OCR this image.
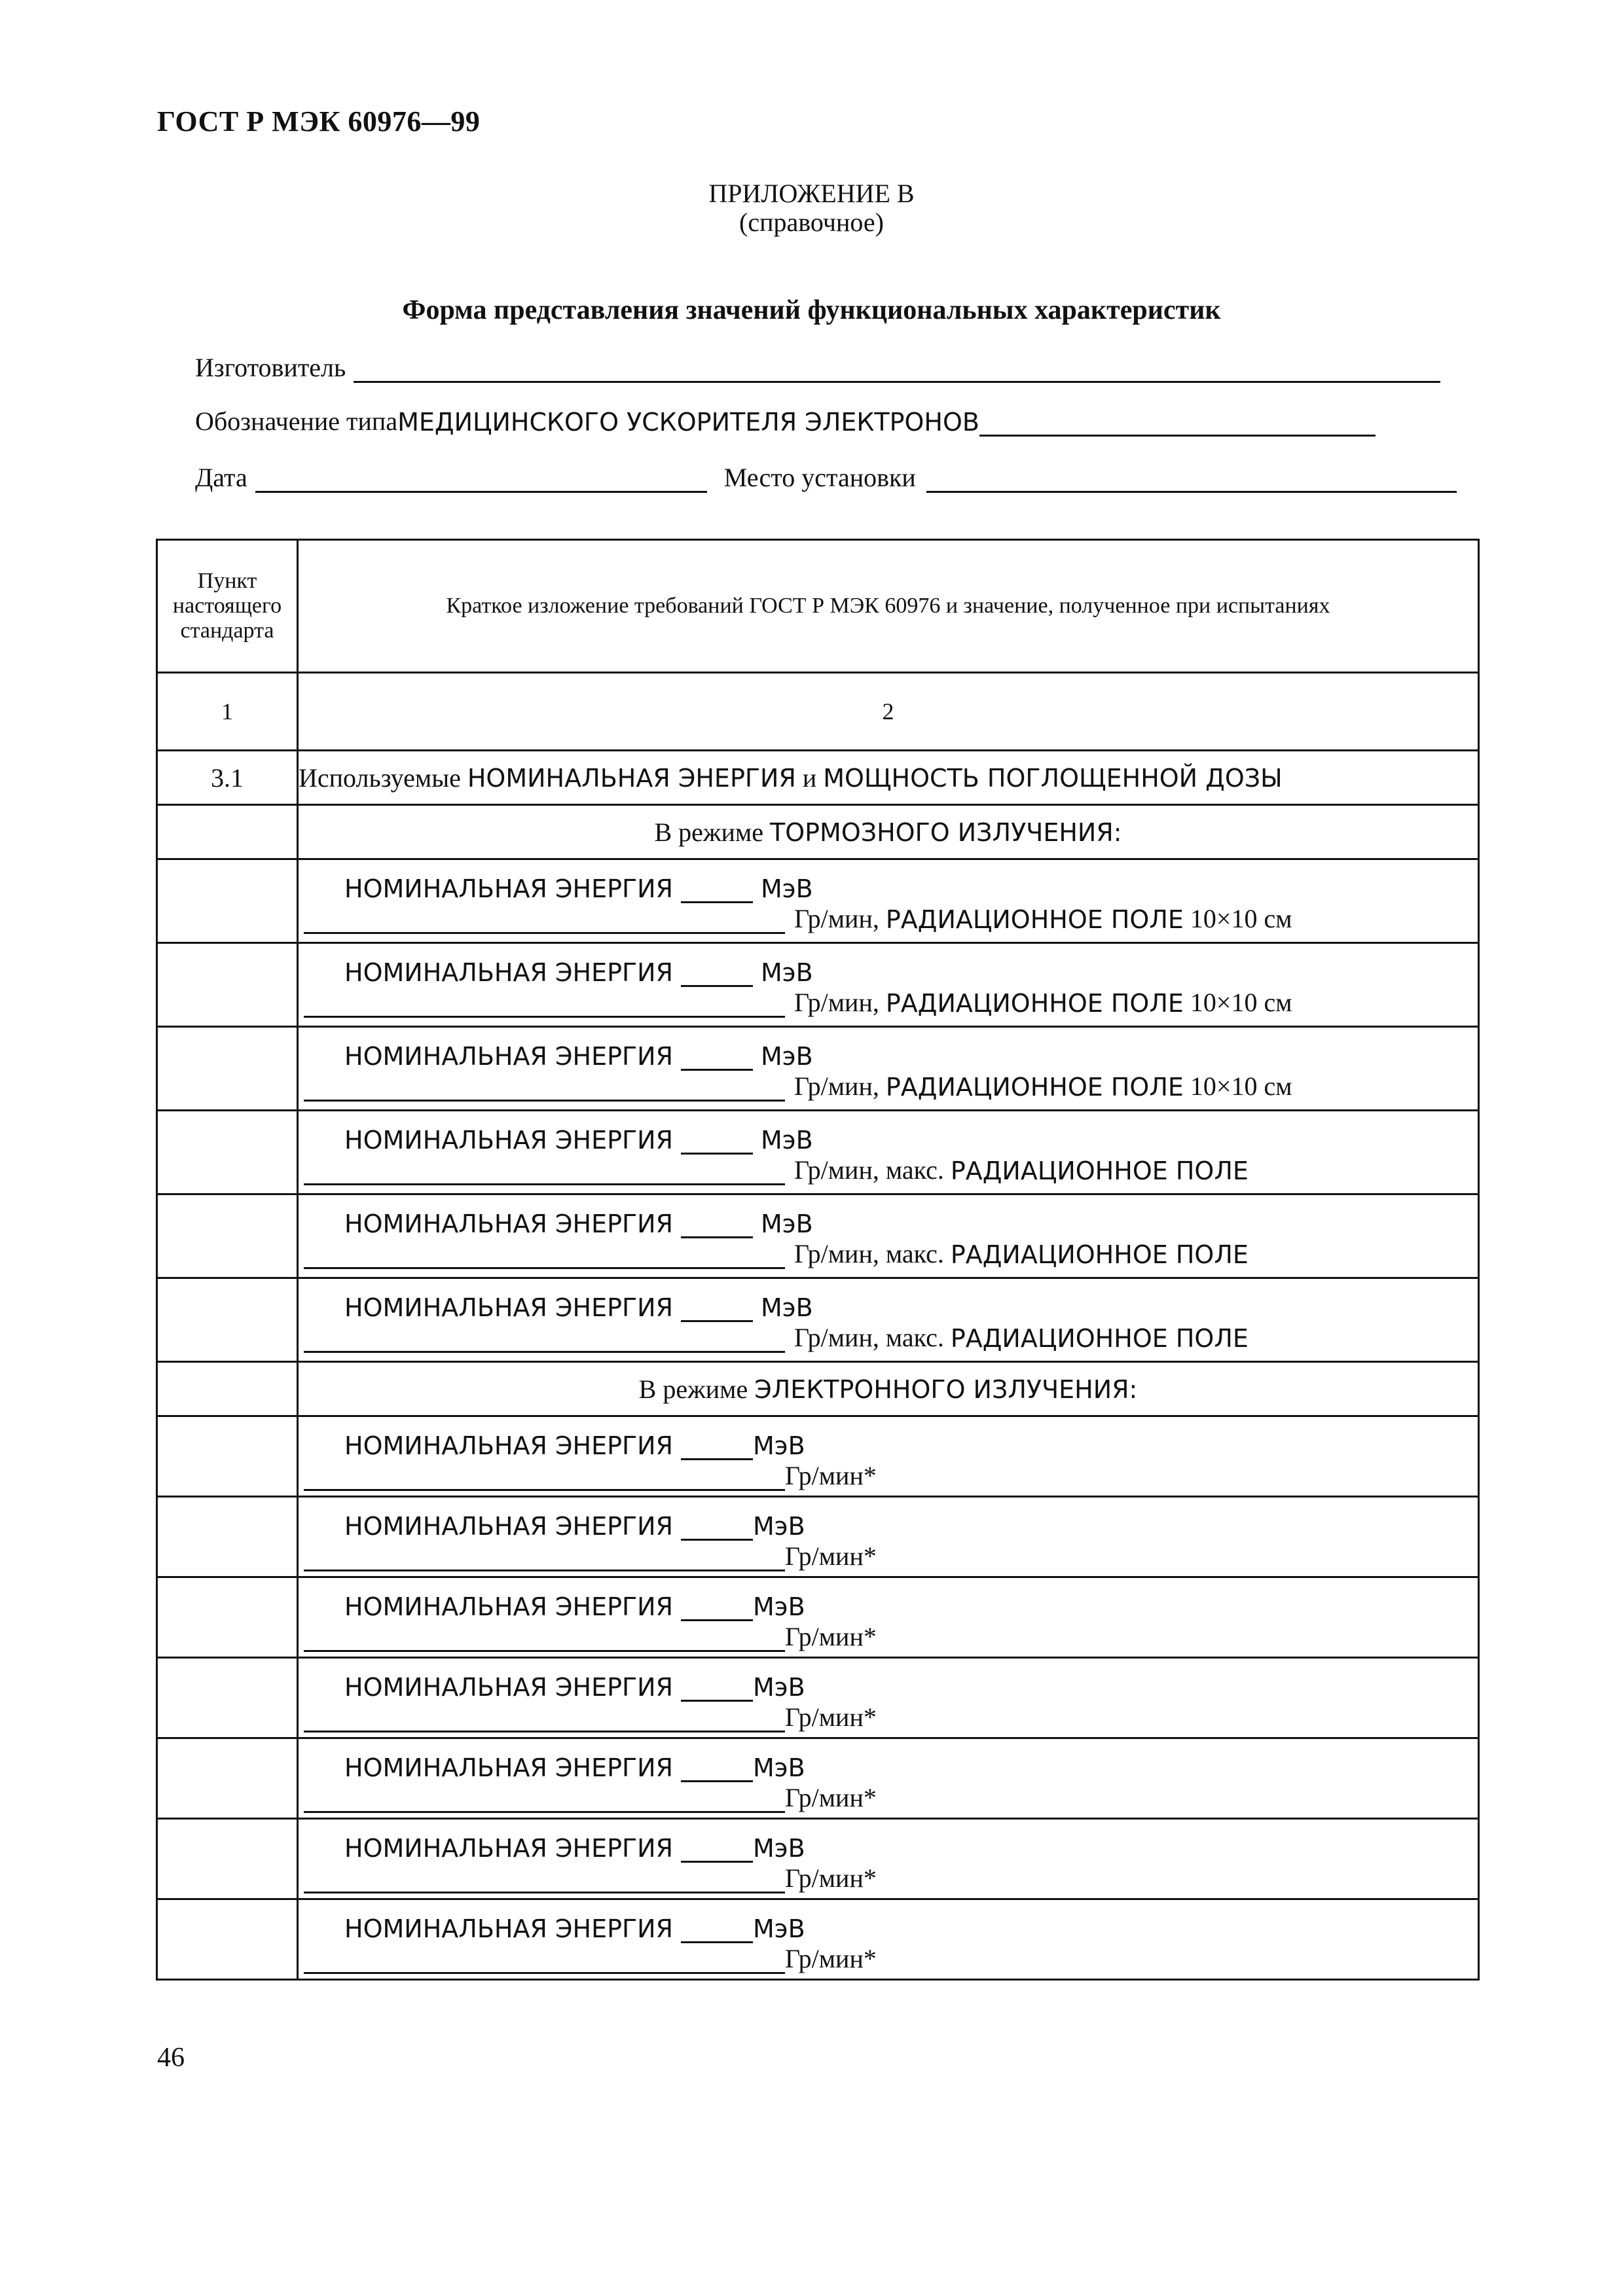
ГОСТ Р МЭК 60976—99
ПРИЛОЖЕНИЕ В
(справочное)
Форма представления значений функциональных характеристик
Изготовитель
Обозначение типа МЕДИЦИНСКОГО УСКОРИТЕЛЯ ЭЛЕКТРОНОВ
Дата	Место установки
Пункт настоящего стандарта	Краткое изложение требований ГОСТ Р МЭК 60976 и значение, полученное при испытаниях
1	2
3.1	Используемые НОМИНАЛЬНАЯ ЭНЕРГИЯ и МОЩНОСТЬ ПОГЛОЩЕННОЙ ДОЗЫ
	В режиме ТОРМОЗНОГО ИЗЛУЧЕНИЯ:

	НОМИНАЛЬНАЯ ЭНЕРГИЯ МэВ
Гр/мин, РАДИАЦИОННОЕ ПОЛЕ 10×10 см

	НОМИНАЛЬНАЯ ЭНЕРГИЯ МэВ
Гр/мин, РАДИАЦИОННОЕ ПОЛЕ 10×10 см

	НОМИНАЛЬНАЯ ЭНЕРГИЯ МэВ
Гр/мин, РАДИАЦИОННОЕ ПОЛЕ 10×10 см

	НОМИНАЛЬНАЯ ЭНЕРГИЯ МэВ
Гр/мин, макс. РАДИАЦИОННОЕ ПОЛЕ

	НОМИНАЛЬНАЯ ЭНЕРГИЯ МэВ
Гр/мин, макс. РАДИАЦИОННОЕ ПОЛЕ

	НОМИНАЛЬНАЯ ЭНЕРГИЯ МэВ
Гр/мин, макс. РАДИАЦИОННОЕ ПОЛЕ

	В режиме ЭЛЕКТРОННОГО ИЗЛУЧЕНИЯ:

	НОМИНАЛЬНАЯ ЭНЕРГИЯ МэВ
Гр/мин*

	НОМИНАЛЬНАЯ ЭНЕРГИЯ МэВ
Гр/мин*

	НОМИНАЛЬНАЯ ЭНЕРГИЯ МэВ
Гр/мин*

	НОМИНАЛЬНАЯ ЭНЕРГИЯ МэВ
Гр/мин*

	НОМИНАЛЬНАЯ ЭНЕРГИЯ МэВ
Гр/мин*

	НОМИНАЛЬНАЯ ЭНЕРГИЯ МэВ
Гр/мин*

	НОМИНАЛЬНАЯ ЭНЕРГИЯ МэВ
Гр/мин*
46
